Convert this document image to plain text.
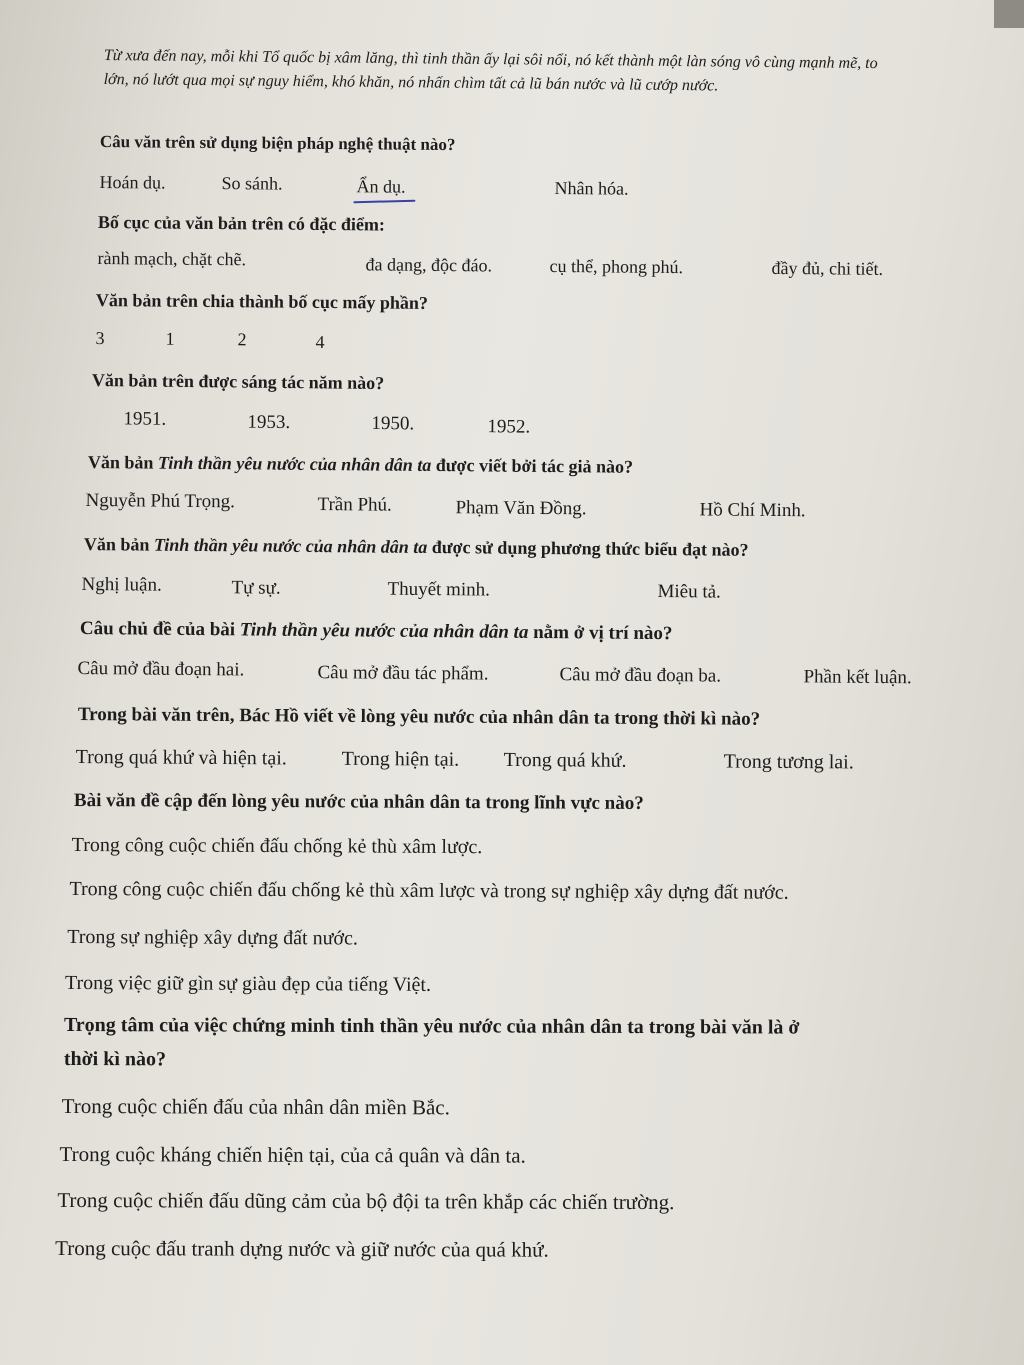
Từ xưa đến nay, mỗi khi Tổ quốc bị xâm lăng, thì tinh thần ấy lại sôi nổi, nó kết thành một làn sóng vô cùng mạnh mẽ, to lớn, nó lướt qua mọi sự nguy hiểm, khó khăn, nó nhấn chìm tất cả lũ bán nước và lũ cướp nước.
Câu văn trên sử dụng biện pháp nghệ thuật nào?
Hoán dụ.	So sánh.	Ẩn dụ.	Nhân hóa.
Bố cục của văn bản trên có đặc điểm:
rành mạch, chặt chẽ.	đa dạng, độc đáo.	cụ thể, phong phú.	đầy đủ, chi tiết.
Văn bản trên chia thành bố cục mấy phần?
3	1	2	4
Văn bản trên được sáng tác năm nào?
1951.	1953.	1950.	1952.
Văn bản Tinh thần yêu nước của nhân dân ta được viết bởi tác giả nào?
Nguyễn Phú Trọng.	Trần Phú.	Phạm Văn Đồng.	Hồ Chí Minh.
Văn bản Tinh thần yêu nước của nhân dân ta được sử dụng phương thức biểu đạt nào?
Nghị luận.	Tự sự.	Thuyết minh.	Miêu tả.
Câu chủ đề của bài Tinh thần yêu nước của nhân dân ta nằm ở vị trí nào?
Câu mở đầu đoạn hai.	Câu mở đầu tác phẩm.	Câu mở đầu đoạn ba.	Phần kết luận.
Trong bài văn trên, Bác Hồ viết về lòng yêu nước của nhân dân ta trong thời kì nào?
Trong quá khứ và hiện tại.	Trong hiện tại. Trong quá khứ.	Trong tương lai.
Bài văn đề cập đến lòng yêu nước của nhân dân ta trong lĩnh vực nào?
Trong công cuộc chiến đấu chống kẻ thù xâm lược.
Trong công cuộc chiến đấu chống kẻ thù xâm lược và trong sự nghiệp xây dựng đất nước.
Trong sự nghiệp xây dựng đất nước.
Trong việc giữ gìn sự giàu đẹp của tiếng Việt.
Trọng tâm của việc chứng minh tinh thần yêu nước của nhân dân ta trong bài văn là ở
thời kì nào?
Trong cuộc chiến đấu của nhân dân miền Bắc.
Trong cuộc kháng chiến hiện tại, của cả quân và dân ta.
Trong cuộc chiến đấu dũng cảm của bộ đội ta trên khắp các chiến trường.
Trong cuộc đấu tranh dựng nước và giữ nước của quá khứ.
